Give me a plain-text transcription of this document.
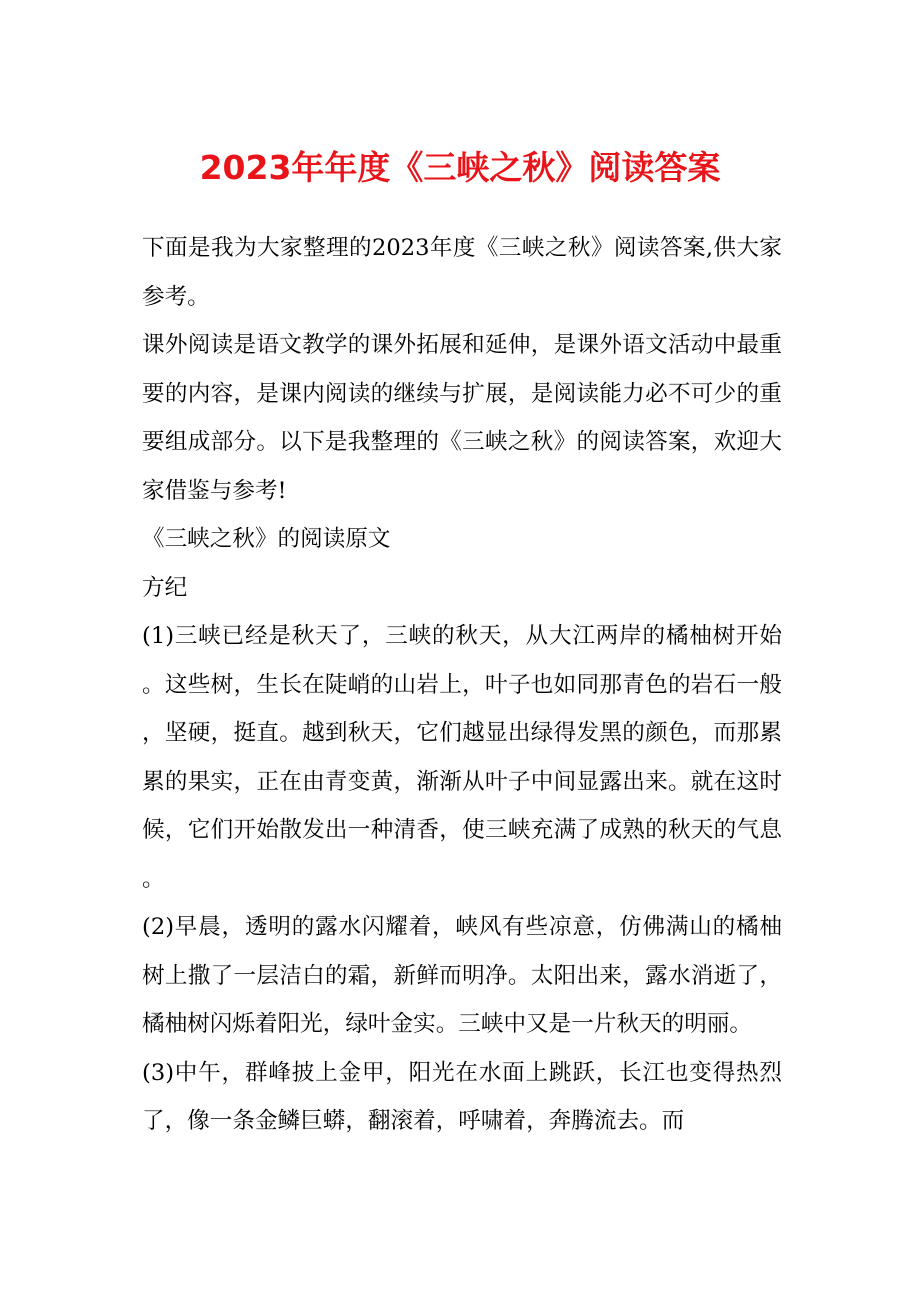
2023年年度《三峡之秋》阅读答案

下面是我为大家整理的2023年度《三峡之秋》阅读答案,供大家参考。

课外阅读是语文教学的课外拓展和延伸，是课外语文活动中最重要的内容，是课内阅读的继续与扩展，是阅读能力必不可少的重要组成部分。以下是我整理的《三峡之秋》的阅读答案，欢迎大家借鉴与参考!

《三峡之秋》的阅读原文

方纪

(1)三峡已经是秋天了，三峡的秋天，从大江两岸的橘柚树开始。这些树，生长在陡峭的山岩上，叶子也如同那青色的岩石一般，坚硬，挺直。越到秋天，它们越显出绿得发黑的颜色，而那累累的果实，正在由青变黄，渐渐从叶子中间显露出来。就在这时候，它们开始散发出一种清香，使三峡充满了成熟的秋天的气息。

(2)早晨，透明的露水闪耀着，峡风有些凉意，仿佛满山的橘柚树上撒了一层洁白的霜，新鲜而明净。太阳出来，露水消逝了，橘柚树闪烁着阳光，绿叶金实。三峡中又是一片秋天的明丽。

(3)中午，群峰披上金甲，阳光在水面上跳跃，长江也变得热烈了，像一条金鳞巨蟒，翻滚着，呼啸着，奔腾流去。而
